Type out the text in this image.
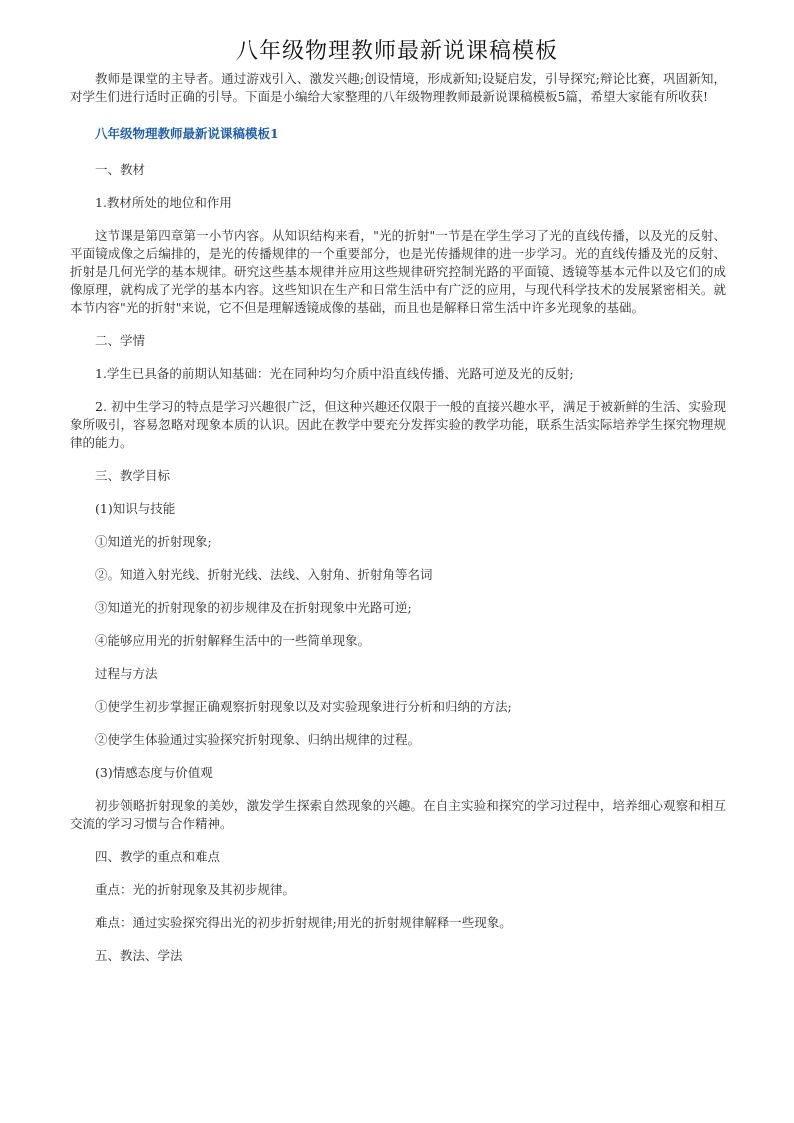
八年级物理教师最新说课稿模板

教师是课堂的主导者。通过游戏引入、激发兴趣;创设情境，形成新知;设疑启发，引导探究;辩论比赛，巩固新知，对学生们进行适时正确的引导。下面是小编给大家整理的八年级物理教师最新说课稿模板5篇，希望大家能有所收获!

八年级物理教师最新说课稿模板1

一、教材

1.教材所处的地位和作用

这节课是第四章第一小节内容。从知识结构来看，"光的折射"一节是在学生学习了光的直线传播，以及光的反射、平面镜成像之后编排的，是光的传播规律的一个重要部分，也是光传播规律的进一步学习。光的直线传播及光的反射、折射是几何光学的基本规律。研究这些基本规律并应用这些规律研究控制光路的平面镜、透镜等基本元件以及它们的成像原理，就构成了光学的基本内容。这些知识在生产和日常生活中有广泛的应用，与现代科学技术的发展紧密相关。就本节内容"光的折射"来说，它不但是理解透镜成像的基础，而且也是解释日常生活中许多光现象的基础。

二、学情

1.学生已具备的前期认知基础：光在同种均匀介质中沿直线传播、光路可逆及光的反射;

2. 初中生学习的特点是学习兴趣很广泛，但这种兴趣还仅限于一般的直接兴趣水平，满足于被新鲜的生活、实验现象所吸引，容易忽略对现象本质的认识。因此在教学中要充分发挥实验的教学功能，联系生活实际培养学生探究物理规律的能力。

三、教学目标

(1)知识与技能

①知道光的折射现象;

②。知道入射光线、折射光线、法线、入射角、折射角等名词

③知道光的折射现象的初步规律及在折射现象中光路可逆;

④能够应用光的折射解释生活中的一些简单现象。

过程与方法

①使学生初步掌握正确观察折射现象以及对实验现象进行分析和归纳的方法;

②使学生体验通过实验探究折射现象、归纳出规律的过程。

(3)情感态度与价值观

初步领略折射现象的美妙，激发学生探索自然现象的兴趣。在自主实验和探究的学习过程中，培养细心观察和相互交流的学习习惯与合作精神。

四、教学的重点和难点

重点：光的折射现象及其初步规律。

难点：通过实验探究得出光的初步折射规律;用光的折射规律解释一些现象。

五、教法、学法
